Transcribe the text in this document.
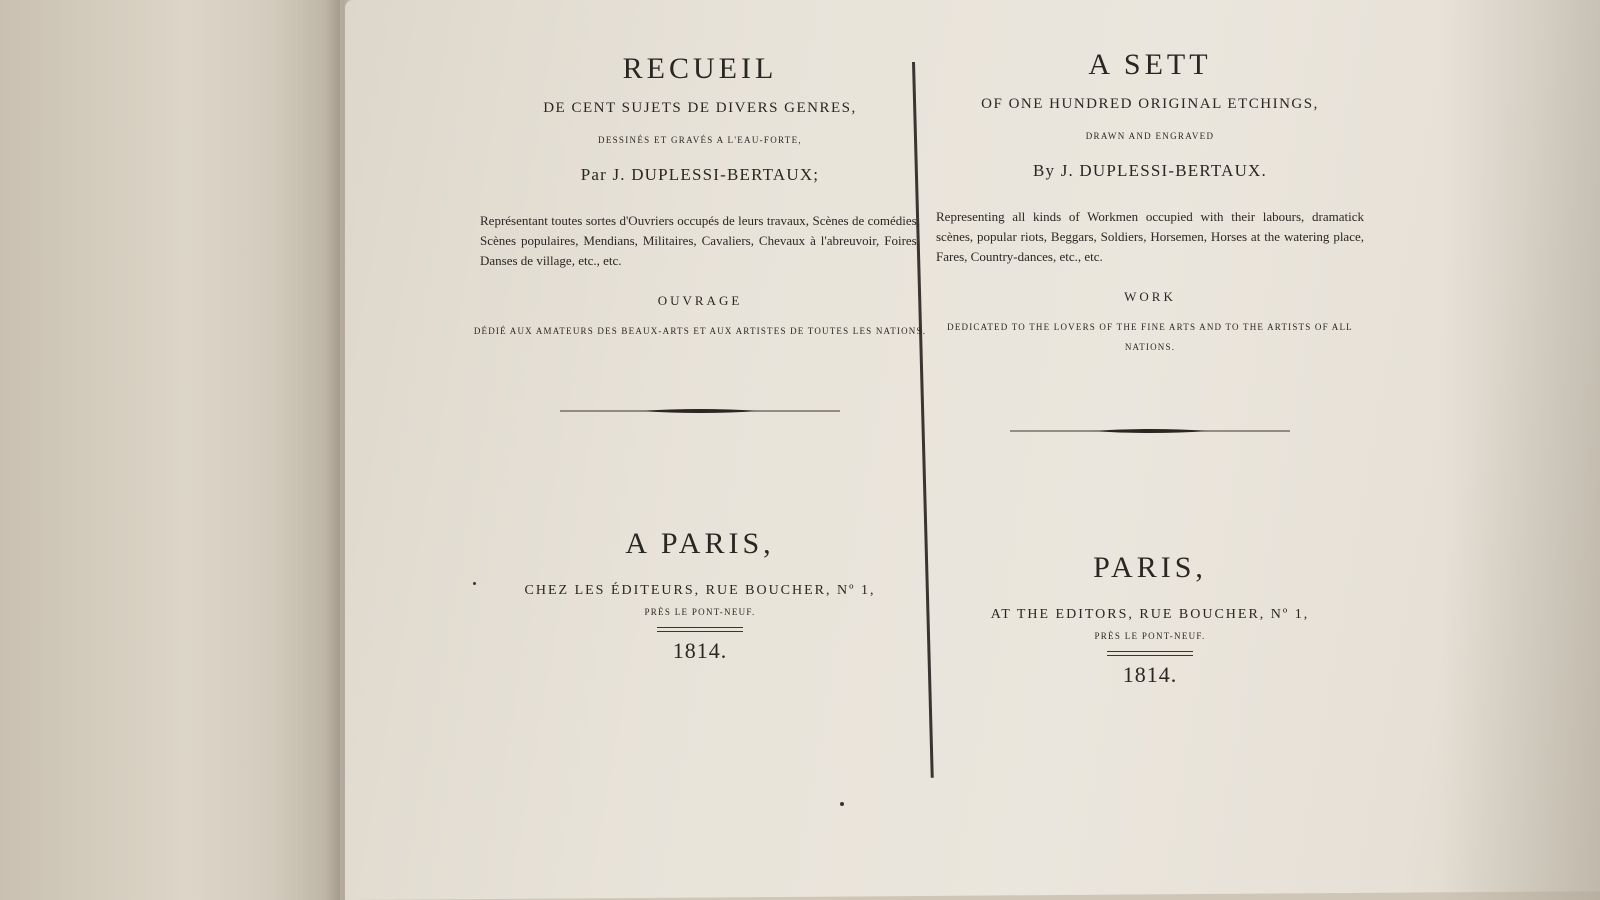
RECUEIL

DE CENT SUJETS DE DIVERS GENRES,

DESSINÉS ET GRAVÉS A L'EAU-FORTE,

Par J. DUPLESSI-BERTAUX;

Représentant toutes sortes d'Ouvriers occupés de leurs travaux, Scènes de comédies, Scènes populaires, Mendians, Militaires, Cavaliers, Chevaux à l'abreuvoir, Foires, Danses de village, etc., etc.

OUVRAGE

DÉDIÉ AUX AMATEURS DES BEAUX-ARTS ET AUX ARTISTES DE TOUTES LES NATIONS.

A PARIS,

CHEZ LES ÉDITEURS, RUE BOUCHER, Nº 1,

PRÈS LE PONT-NEUF.

1814.

A SETT

OF ONE HUNDRED ORIGINAL ETCHINGS,

DRAWN AND ENGRAVED

By J. DUPLESSI-BERTAUX.

Representing all kinds of Workmen occupied with their labours, dramatick scènes, popular riots, Beggars, Soldiers, Horsemen, Horses at the watering place, Fares, Country-dances, etc., etc.

WORK

DEDICATED TO THE LOVERS OF THE FINE ARTS AND TO THE ARTISTS OF ALL NATIONS.

PARIS,

AT THE EDITORS, RUE BOUCHER, Nº 1,

PRÈS LE PONT-NEUF.

1814.
